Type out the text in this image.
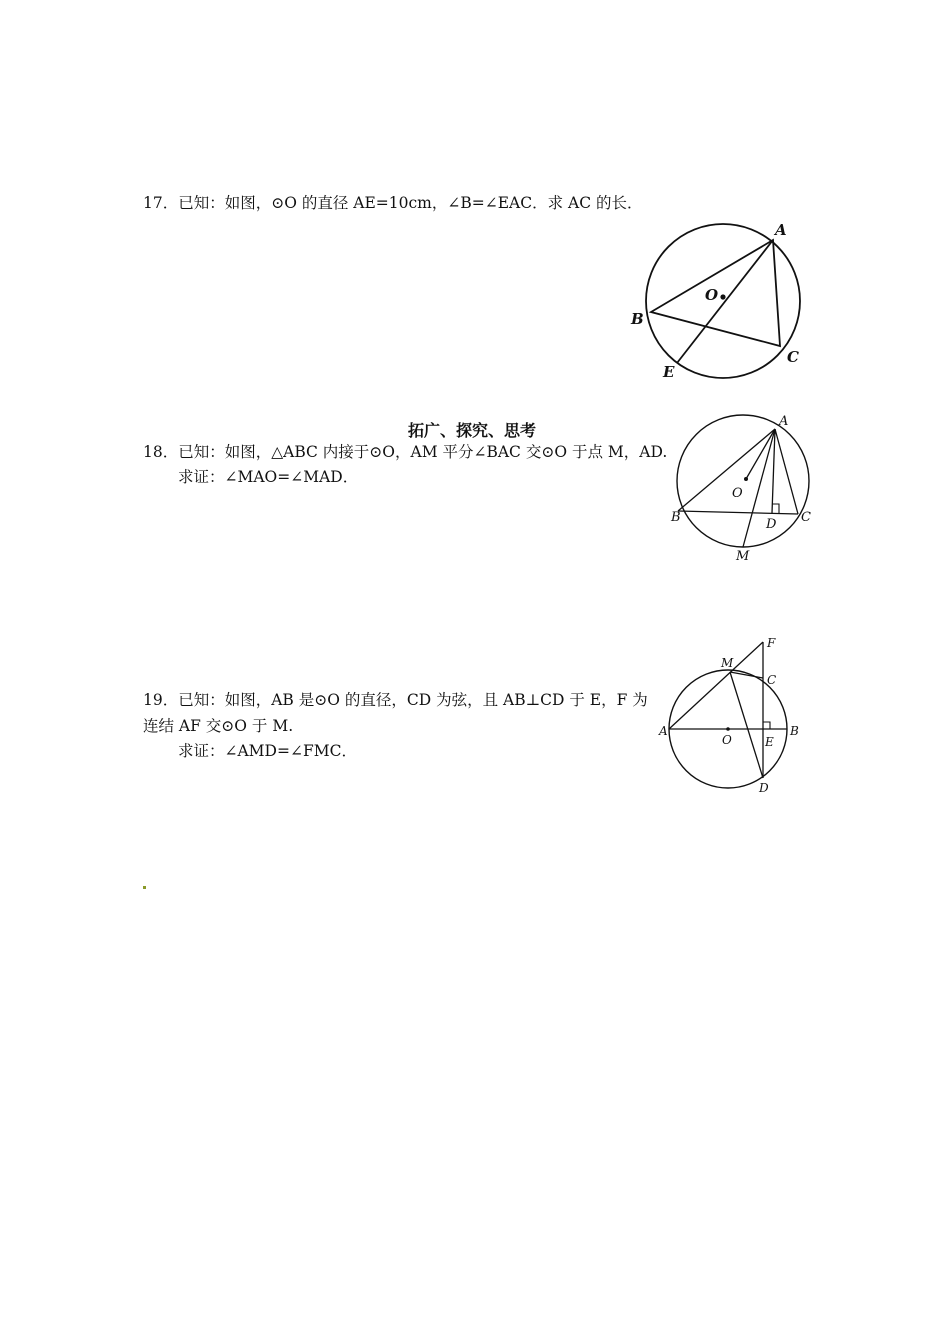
17．已知：如图，⊙O 的直径 AE=10cm，∠B=∠EAC．求 AC 的长．
A
O
B
C
E
拓广、探究、思考
18．已知：如图，△ABC 内接于⊙O，AM 平分∠BAC 交⊙O 于点 M，AD.
求证：∠MAO=∠MAD．
A
O
B	D C
M
19．已知：如图，AB 是⊙O 的直径，CD 为弦，且 AB⊥CD 于 E，F 为
连结 AF 交⊙O 于 M.
求证：∠AMD=∠FMC．
F
M
C
A
O	E
B
D
